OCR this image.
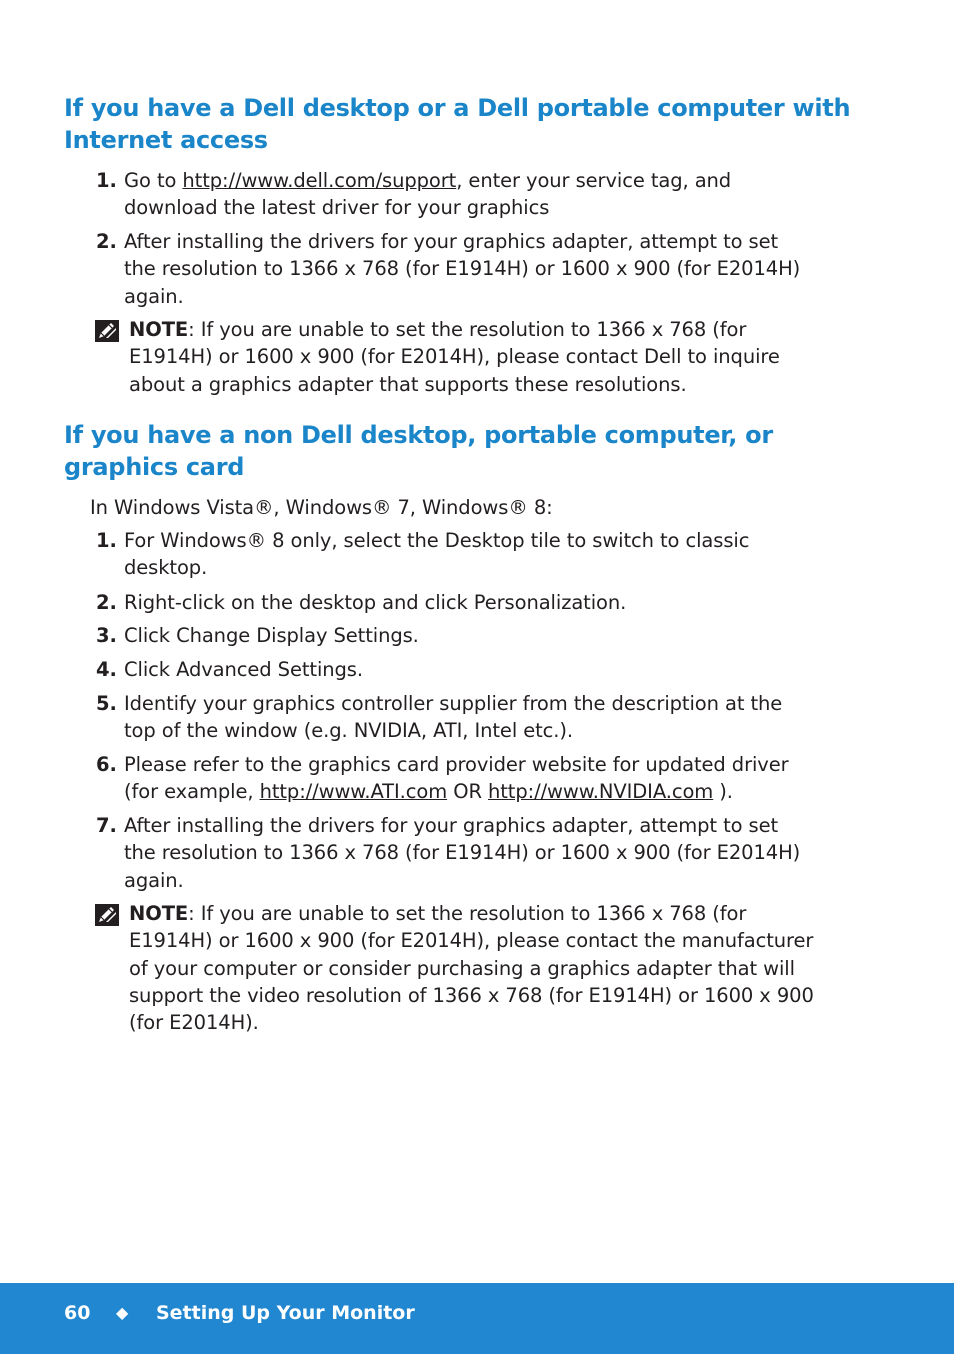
If you have a Dell desktop or a Dell portable computer with
Internet access
1. Go to http://www.dell.com/support, enter your service tag, and
download the latest driver for your graphics
2. After installing the drivers for your graphics adapter, attempt to set
the resolution to 1366 x 768 (for E1914H) or 1600 x 900 (for E2014H)
again.
NOTE: If you are unable to set the resolution to 1366 x 768 (for
E1914H) or 1600 x 900 (for E2014H), please contact Dell to inquire
about a graphics adapter that supports these resolutions.
If you have a non Dell desktop, portable computer, or
graphics card
In Windows Vista®, Windows® 7, Windows® 8:
1. For Windows® 8 only, select the Desktop tile to switch to classic
desktop.
2. Right-click on the desktop and click Personalization.
3. Click Change Display Settings.
4. Click Advanced Settings.
5. Identify your graphics controller supplier from the description at the
top of the window (e.g. NVIDIA, ATI, Intel etc.).
6. Please refer to the graphics card provider website for updated driver
(for example, http://www.ATI.com OR http://www.NVIDIA.com ).
7. After installing the drivers for your graphics adapter, attempt to set
the resolution to 1366 x 768 (for E1914H) or 1600 x 900 (for E2014H)
again.
NOTE: If you are unable to set the resolution to 1366 x 768 (for
E1914H) or 1600 x 900 (for E2014H), please contact the manufacturer
of your computer or consider purchasing a graphics adapter that will
support the video resolution of 1366 x 768 (for E1914H) or 1600 x 900
(for E2014H).
60 ◆ Setting Up Your Monitor
